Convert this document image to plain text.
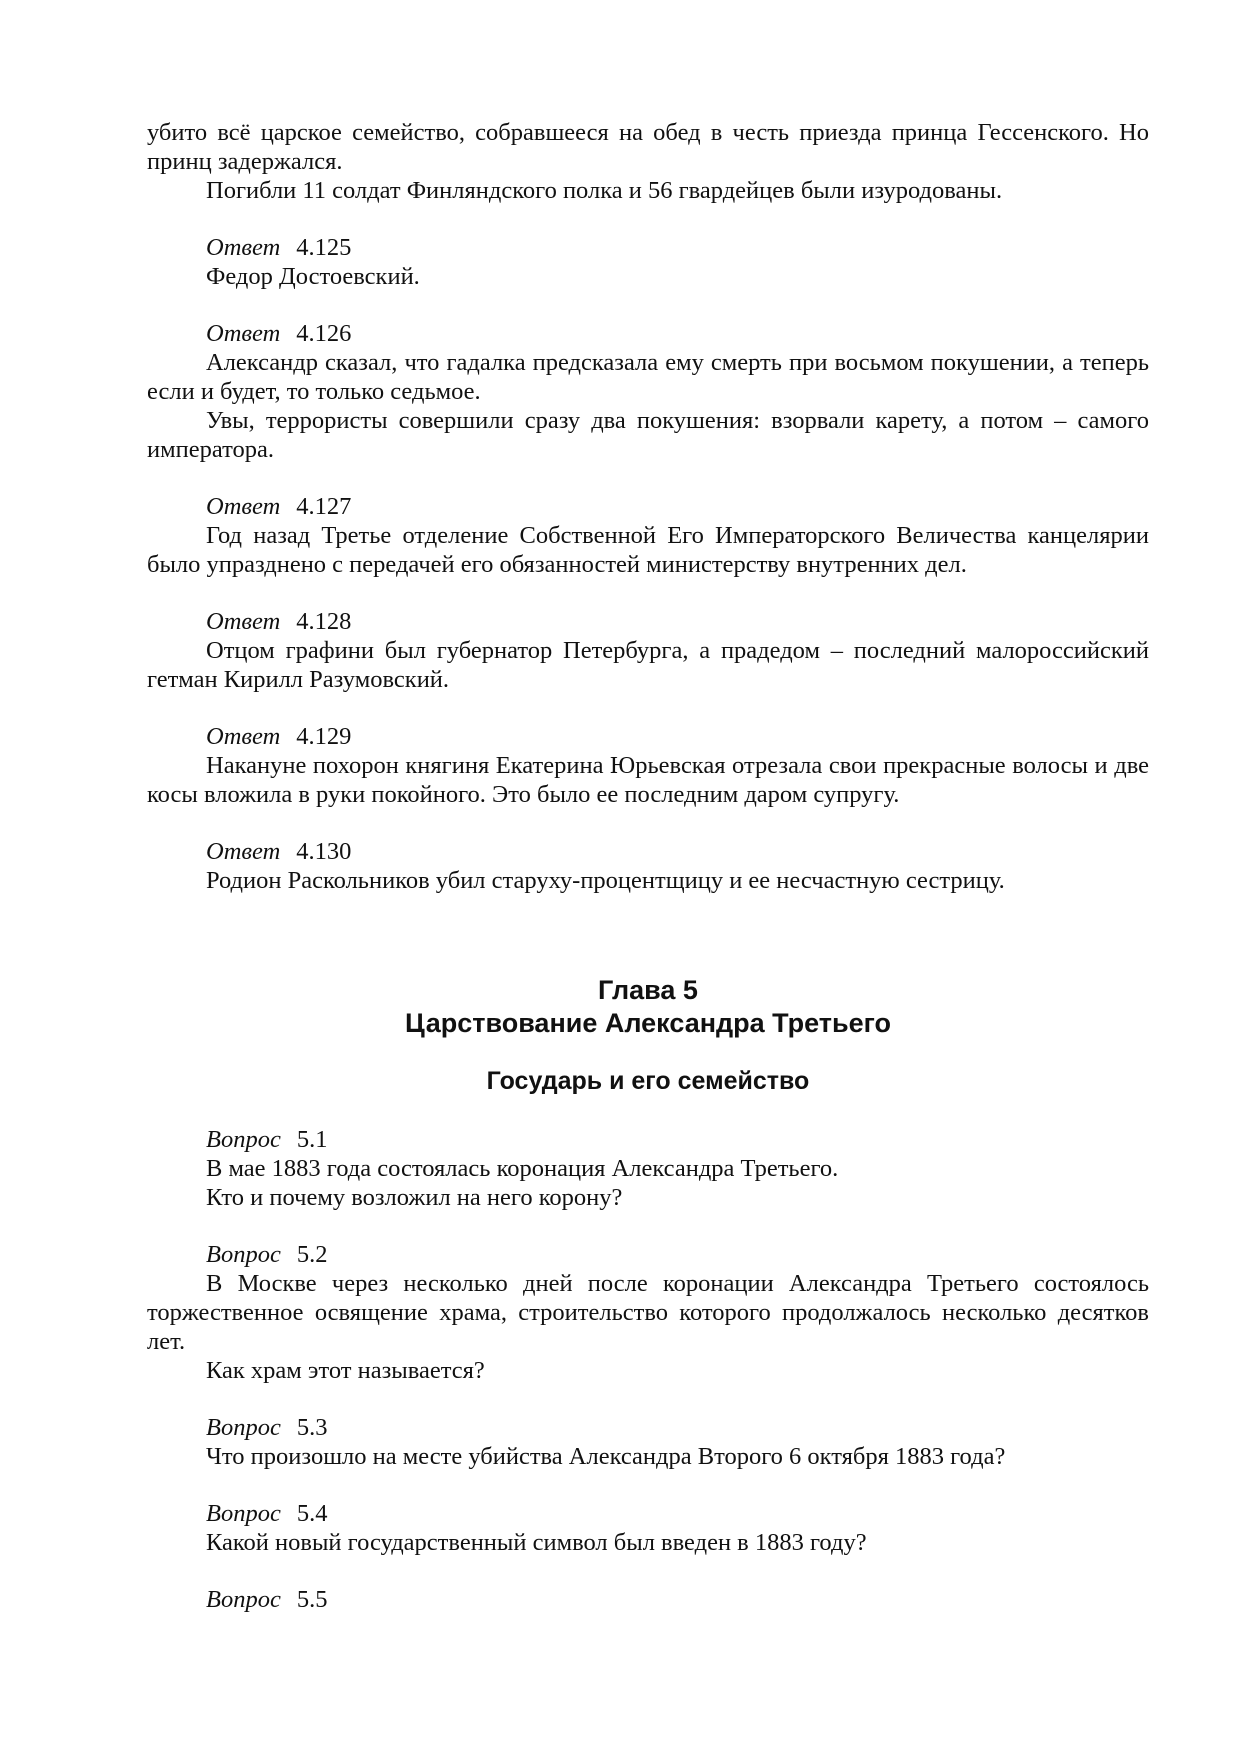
убито всё царское семейство, собравшееся на обед в честь приезда принца Гессенского. Но принц задержался.

Погибли 11 солдат Финляндского полка и 56 гвардейцев были изуродованы.

Ответ 4.125

Федор Достоевский.

Ответ 4.126

Александр сказал, что гадалка предсказала ему смерть при восьмом покушении, а теперь если и будет, то только седьмое.

Увы, террористы совершили сразу два покушения: взорвали карету, а потом – самого императора.

Ответ 4.127

Год назад Третье отделение Собственной Его Императорского Величества канцелярии было упразднено с передачей его обязанностей министерству внутренних дел.

Ответ 4.128

Отцом графини был губернатор Петербурга, а прадедом – последний малороссийский гетман Кирилл Разумовский.

Ответ 4.129

Накануне похорон княгиня Екатерина Юрьевская отрезала свои прекрасные волосы и две косы вложила в руки покойного. Это было ее последним даром супругу.

Ответ 4.130

Родион Раскольников убил старуху-процентщицу и ее несчастную сестрицу.

Глава 5
Царствование Александра Третьего
Государь и его семейство
Вопрос 5.1

В мае 1883 года состоялась коронация Александра Третьего.

Кто и почему возложил на него корону?

Вопрос 5.2

В Москве через несколько дней после коронации Александра Третьего состоялось торжественное освящение храма, строительство которого продолжалось несколько десятков лет.

Как храм этот называется?

Вопрос 5.3

Что произошло на месте убийства Александра Второго 6 октября 1883 года?

Вопрос 5.4

Какой новый государственный символ был введен в 1883 году?

Вопрос 5.5
